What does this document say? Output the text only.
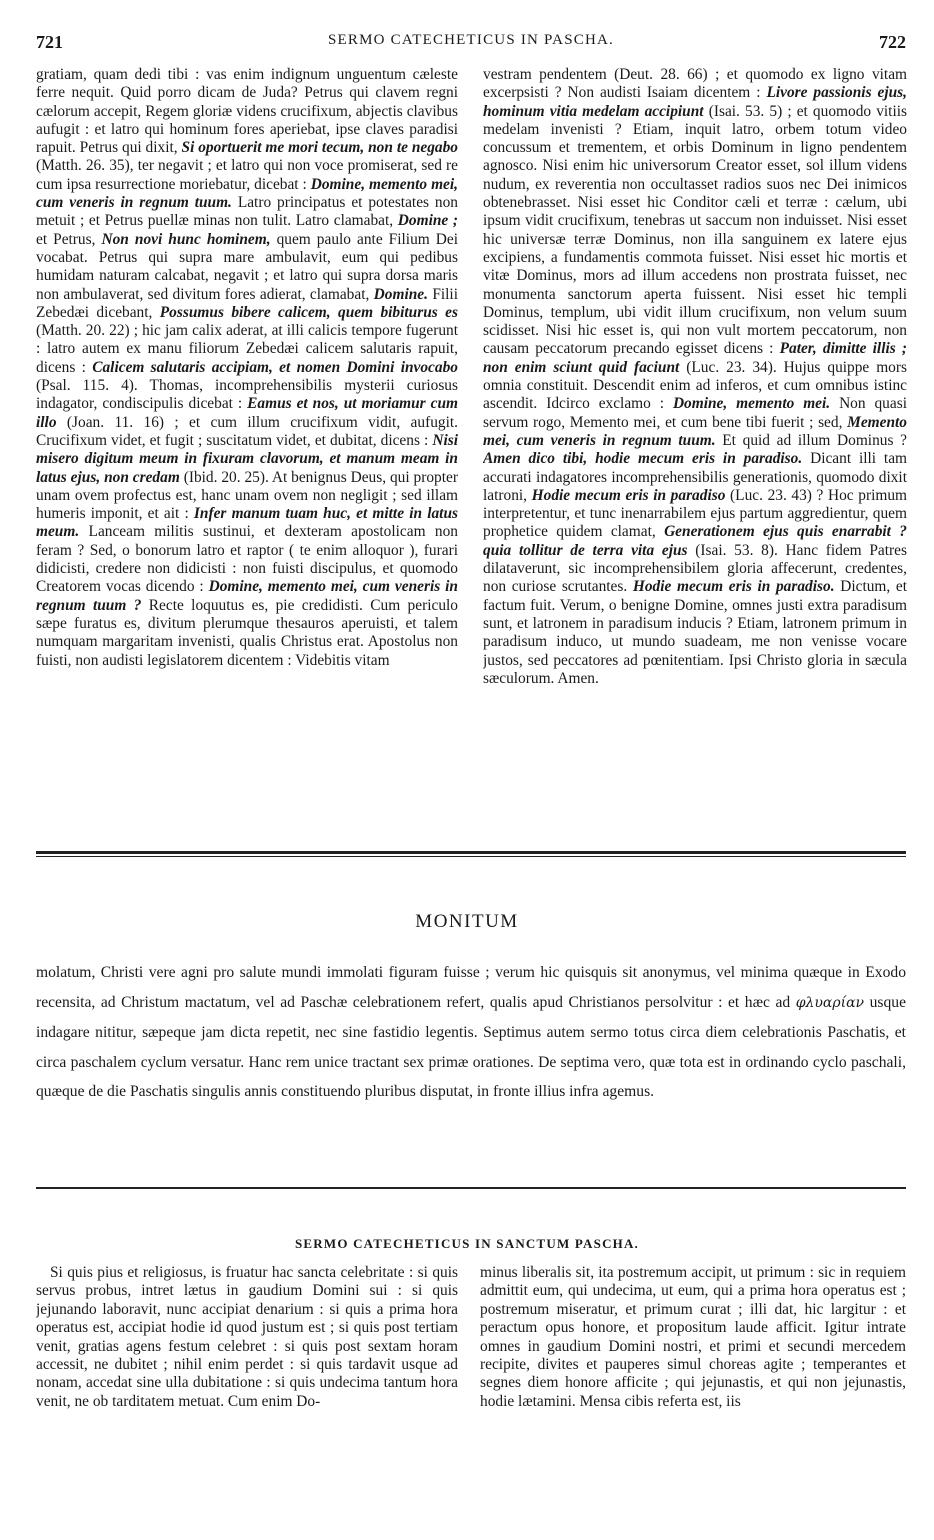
721	SERMO CATECHETICUS IN PASCHA.	722

gratiam, quam dedi tibi : vas enim indignum unguentum cæleste ferre nequit. Quid porro dicam de Juda? Petrus qui clavem regni cælorum accepit, Regem gloriæ videns crucifixum, abjectis clavibus aufugit : et latro qui hominum fores aperiebat, ipse claves paradisi rapuit. Petrus qui dixit, Si oportuerit me mori tecum, non te negabo (Matth. 26. 35), ter negavit ; et latro qui non voce promiserat, sed re cum ipsa resurrectione moriebatur, dicebat : Domine, memento mei, cum veneris in regnum tuum. Latro principatus et potestates non metuit ; et Petrus puellæ minas non tulit. Latro clamabat, Domine ; et Petrus, Non novi hunc hominem, quem paulo ante Filium Dei vocabat. Petrus qui supra mare ambulavit, eum qui pedibus humidam naturam calcabat, negavit ; et latro qui supra dorsa maris non ambulaverat, sed divitum fores adierat, clamabat, Domine. Filii Zebedæi dicebant, Possumus bibere calicem, quem bibiturus es (Matth. 20. 22) ; hic jam calix aderat, at illi calicis tempore fugerunt : latro autem ex manu filiorum Zebedæi calicem salutaris rapuit, dicens : Calicem salutaris accipiam, et nomen Domini invocabo (Psal. 115. 4). Thomas, incomprehensibilis mysterii curiosus indagator, condiscipulis dicebat : Eamus et nos, ut moriamur cum illo (Joan. 11. 16) ; et cum illum crucifixum vidit, aufugit. Crucifixum videt, et fugit ; suscitatum videt, et dubitat, dicens : Nisi misero digitum meum in fixuram clavorum, et manum meam in latus ejus, non credam (Ibid. 20. 25). At benignus Deus, qui propter unam ovem profectus est, hanc unam ovem non negligit ; sed illam humeris imponit, et ait : Infer manum tuam huc, et mitte in latus meum. Lanceam militis sustinui, et dexteram apostolicam non feram ? Sed, o bonorum latro et raptor ( te enim alloquor ), furari didicisti, credere non didicisti : non fuisti discipulus, et quomodo Creatorem vocas dicendo : Domine, memento mei, cum veneris in regnum tuum ? Recte loquutus es, pie credidisti. Cum periculo sæpe furatus es, divitum plerumque thesauros aperuisti, et talem numquam margaritam invenisti, qualis Christus erat. Apostolus non fuisti, non audisti legislatorem dicentem : Videbitis vitam

vestram pendentem (Deut. 28. 66) ; et quomodo ex ligno vitam excerpsisti ? Non audisti Isaiam dicentem : Livore passionis ejus, hominum vitia medelam accipiunt (Isai. 53. 5) ; et quomodo vitiis medelam invenisti ? Etiam, inquit latro, orbem totum video concussum et trementem, et orbis Dominum in ligno pendentem agnosco. Nisi enim hic universorum Creator esset, sol illum videns nudum, ex reverentia non occultasset radios suos nec Dei inimicos obtenebrasset. Nisi esset hic Conditor cæli et terræ : cælum, ubi ipsum vidit crucifixum, tenebras ut saccum non induisset. Nisi esset hic universæ terræ Dominus, non illa sanguinem ex latere ejus excipiens, a fundamentis commota fuisset. Nisi esset hic mortis et vitæ Dominus, mors ad illum accedens non prostrata fuisset, nec monumenta sanctorum aperta fuissent. Nisi esset hic templi Dominus, templum, ubi vidit illum crucifixum, non velum suum scidisset. Nisi hic esset is, qui non vult mortem peccatorum, non causam peccatorum precando egisset dicens : Pater, dimitte illis ; non enim sciunt quid faciunt (Luc. 23. 34). Hujus quippe mors omnia constituit. Descendit enim ad inferos, et cum omnibus istinc ascendit. Idcirco exclamo : Domine, memento mei. Non quasi servum rogo, Memento mei, et cum bene tibi fuerit ; sed, Memento mei, cum veneris in regnum tuum. Et quid ad illum Dominus ? Amen dico tibi, hodie mecum eris in paradiso. Dicant illi tam accurati indagatores incomprehensibilis generationis, quomodo dixit latroni, Hodie mecum eris in paradiso (Luc. 23. 43) ? Hoc primum interpretentur, et tunc inenarrabilem ejus partum aggredientur, quem prophetice quidem clamat, Generationem ejus quis enarrabit ? quia tollitur de terra vita ejus (Isai. 53. 8). Hanc fidem Patres dilataverunt, sic incomprehensibilem gloria affecerunt, credentes, non curiose scrutantes. Hodie mecum eris in paradiso. Dictum, et factum fuit. Verum, o benigne Domine, omnes justi extra paradisum sunt, et latronem in paradisum inducis ? Etiam, latronem primum in paradisum induco, ut mundo suadeam, me non venisse vocare justos, sed peccatores ad pœnitentiam. Ipsi Christo gloria in sæcula sæculorum. Amen.

MONITUM

molatum, Christi vere agni pro salute mundi immolati figuram fuisse ; verum hic quisquis sit anonymus, vel minima quæque in Exodo recensita, ad Christum mactatum, vel ad Paschæ celebrationem refert, qualis apud Christianos persolvitur : et hæc ad φλυαρίαν usque indagare nititur, sæpeque jam dicta repetit, nec sine fastidio legentis. Septimus autem sermo totus circa diem celebrationis Paschatis, et circa paschalem cyclum versatur. Hanc rem unice tractant sex primæ orationes. De septima vero, quæ tota est in ordinando cyclo paschali, quæque de die Paschatis singulis annis constituendo pluribus disputat, in fronte illius infra agemus.

SERMO CATECHETICUS IN SANCTUM PASCHA.

Si quis pius et religiosus, is fruatur hac sancta celebritate : si quis servus probus, intret lætus in gaudium Domini sui : si quis jejunando laboravit, nunc accipiat denarium : si quis a prima hora operatus est, accipiat hodie id quod justum est ; si quis post tertiam venit, gratias agens festum celebret : si quis post sextam horam accessit, ne dubitet ; nihil enim perdet : si quis tardavit usque ad nonam, accedat sine ulla dubitatione : si quis undecima tantum hora venit, ne ob tarditatem metuat. Cum enim Do-

minus liberalis sit, ita postremum accipit, ut primum : sic in requiem admittit eum, qui undecima, ut eum, qui a prima hora operatus est ; postremum miseratur, et primum curat ; illi dat, hic largitur : et peractum opus honore, et propositum laude afficit. Igitur intrate omnes in gaudium Domini nostri, et primi et secundi mercedem recipite, divites et pauperes simul choreas agite ; temperantes et segnes diem honore afficite ; qui jejunastis, et qui non jejunastis, hodie lætamini. Mensa cibis referta est, iis
